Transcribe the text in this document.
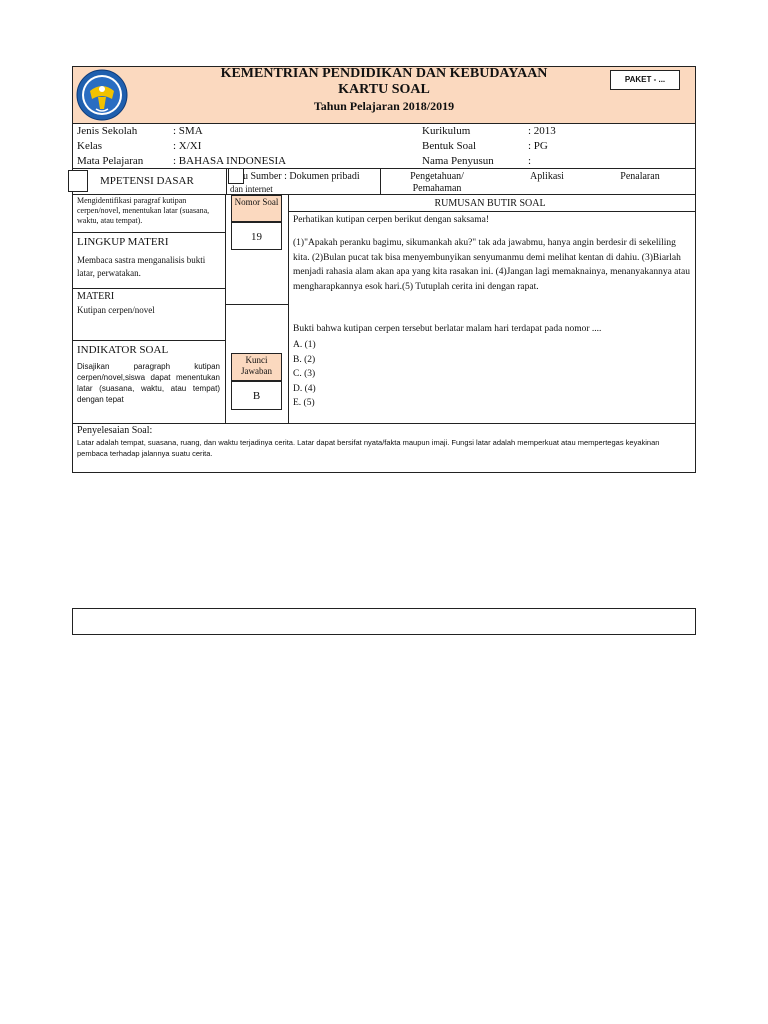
KEMENTRIAN PENDIDIKAN DAN KEBUDAYAAN
KARTU SOAL
Tahun Pelajaran 2018/2019
PAKET - ...
Jenis Sekolah	: SMA
Kelas	: X/XI
Mata Pelajaran	: BAHASA INDONESIA
Kurikulum	: 2013
Bentuk Soal	: PG
Nama Penyusun	:
MPETENSI DASAR	u Sumber : Dokumen pribadi
dan internet
Pengetahuan/
Pemahaman
Aplikasi	Penalaran
Mengidentifikasi paragraf kutipan cerpen/novel, menentukan latar (suasana, waktu, atau tempat).
LINGKUP MATERI
Membaca sastra menganalisis bukti latar, perwatakan.
MATERI
Kutipan cerpen/novel
INDIKATOR SOAL
Disajikan paragraph kutipan cerpen/novel,siswa dapat menentukan latar (suasana, waktu, atau tempat) dengan tepat
Nomor Soal
19
Kunci Jawaban
B
RUMUSAN BUTIR SOAL
Perhatikan kutipan cerpen berikut dengan saksama!
(1)"Apakah peranku bagimu, sikumankah aku?" tak ada jawabmu, hanya angin berdesir di sekeliling kita. (2)Bulan pucat tak bisa menyembunyikan senyumanmu demi melihat kentan di dahiu. (3)Biarlah menjadi rahasia alam akan apa yang kita rasakan ini. (4)Jangan lagi memaknainya, menanyakannya atau mengharapkannya esok hari.(5) Tutuplah cerita ini dengan rapat.
Bukti bahwa kutipan cerpen tersebut berlatar malam hari terdapat pada nomor ....
A. (1)
B. (2)
C. (3)
D. (4)
E. (5)
Penyelesaian Soal:
Latar adalah tempat, suasana, ruang, dan waktu terjadinya cerita. Latar dapat bersifat nyata/fakta maupun imaji. Fungsi latar adalah memperkuat atau mempertegas keyakinan pembaca terhadap jalannya suatu cerita.
